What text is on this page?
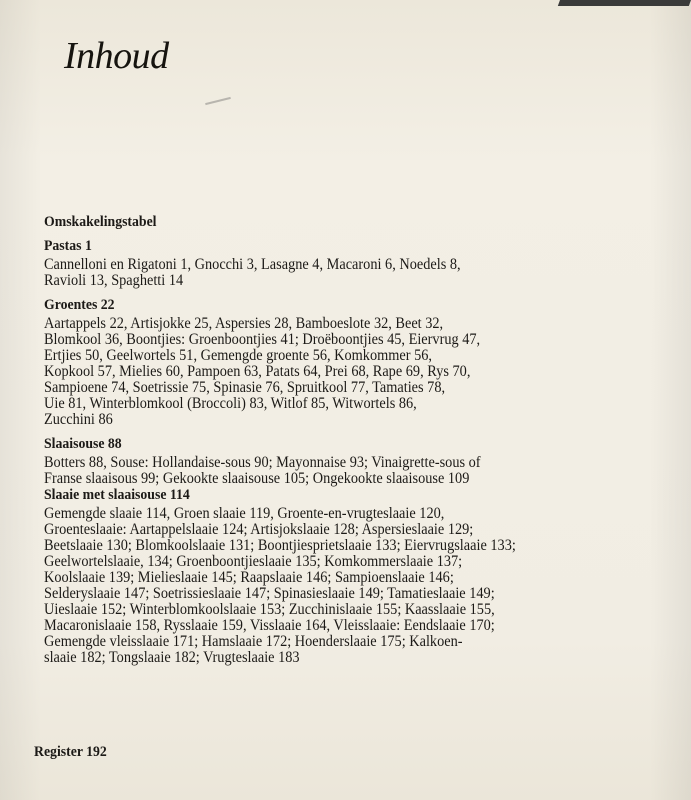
Inhoud
Omskakelingstabel
Pastas 1
Cannelloni en Rigatoni 1, Gnocchi 3, Lasagne 4, Macaroni 6, Noedels 8,
Ravioli 13, Spaghetti 14
Groentes 22
Aartappels 22, Artisjokke 25, Aspersies 28, Bamboeslote 32, Beet 32,
Blomkool 36, Boontjies: Groenboontjies 41; Droëboontjies 45, Eiervrug 47,
Ertjies 50, Geelwortels 51, Gemengde groente 56, Komkommer 56,
Kopkool 57, Mielies 60, Pampoen 63, Patats 64, Prei 68, Rape 69, Rys 70,
Sampioene 74, Soetrissie 75, Spinasie 76, Spruitkool 77, Tamaties 78,
Uie 81, Winterblomkool (Broccoli) 83, Witlof 85, Witwortels 86,
Zucchini 86
Slaaisouse 88
Botters 88, Souse: Hollandaise-sous 90; Mayonnaise 93; Vinaigrette-sous of
Franse slaaisous 99; Gekookte slaaisouse 105; Ongekookte slaaisouse 109
Slaaie met slaaisouse 114
Gemengde slaaie 114, Groen slaaie 119, Groente-en-vrugteslaaie 120,
Groenteslaaie: Aartappelslaaie 124; Artisjokslaaie 128; Aspersieslaaie 129;
Beetslaaie 130; Blomkoolslaaie 131; Boontjiesprietslaaie 133; Eiervrugslaaie 133;
Geelwortelslaaie, 134; Groenboontjieslaaie 135; Komkommerslaaie 137;
Koolslaaie 139; Mielieslaaie 145; Raapslaaie 146; Sampioenslaaie 146;
Selderyslaaie 147; Soetrissieslaaie 147; Spinasieslaaie 149; Tamatieslaaie 149;
Uieslaaie 152; Winterblomkoolslaaie 153; Zucchinislaaie 155; Kaasslaaie 155,
Macaronislaaie 158, Rysslaaie 159, Visslaaie 164, Vleisslaaie: Eendslaaie 170;
Gemengde vleisslaaie 171; Hamslaaie 172; Hoenderslaaie 175; Kalkoen-
slaaie 182; Tongslaaie 182; Vrugteslaaie 183
Register 192
